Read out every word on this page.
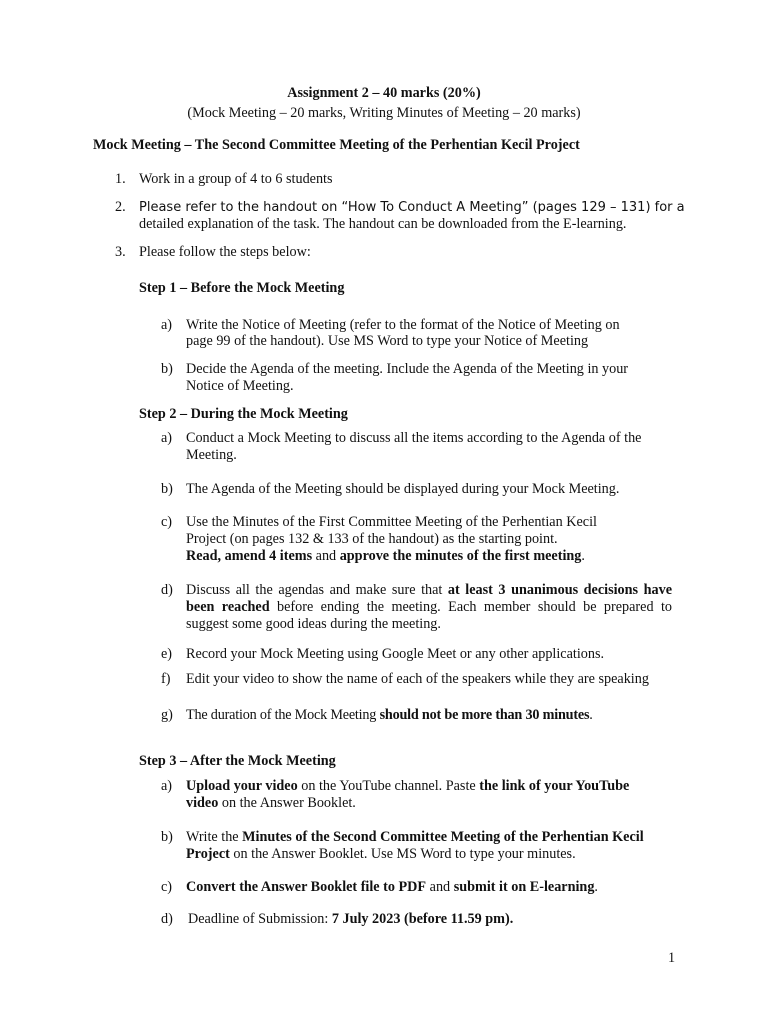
Assignment 2 – 40 marks (20%)
(Mock Meeting – 20 marks, Writing Minutes of Meeting – 20 marks)
Mock Meeting – The Second Committee Meeting of the Perhentian Kecil Project
1. Work in a group of 4 to 6 students
2. Please refer to the handout on “How To Conduct A Meeting” (pages 129 – 131) for a
detailed explanation of the task. The handout can be downloaded from the E-learning.
3. Please follow the steps below:
Step 1 – Before the Mock Meeting
a) Write the Notice of Meeting (refer to the format of the Notice of Meeting on
page 99 of the handout). Use MS Word to type your Notice of Meeting
b) Decide the Agenda of the meeting. Include the Agenda of the Meeting in your
Notice of Meeting.
Step 2 – During the Mock Meeting
a) Conduct a Mock Meeting to discuss all the items according to the Agenda of the
Meeting.
b) The Agenda of the Meeting should be displayed during your Mock Meeting.
c) Use the Minutes of the First Committee Meeting of the Perhentian Kecil
Project (on pages 132 & 133 of the handout) as the starting point.
Read, amend 4 items and approve the minutes of the first meeting.
d) Discuss all the agendas and make sure that at least 3 unanimous decisions have been reached before ending the meeting. Each member should be prepared to suggest some good ideas during the meeting.
e) Record your Mock Meeting using Google Meet or any other applications.
f) Edit your video to show the name of each of the speakers while they are speaking
g) The duration of the Mock Meeting should not be more than 30 minutes.
Step 3 – After the Mock Meeting
a) Upload your video on the YouTube channel. Paste the link of your YouTube
video on the Answer Booklet.
b) Write the Minutes of the Second Committee Meeting of the Perhentian Kecil
Project on the Answer Booklet. Use MS Word to type your minutes.
c) Convert the Answer Booklet file to PDF and submit it on E-learning.
d) Deadline of Submission: 7 July 2023 (before 11.59 pm).
1
